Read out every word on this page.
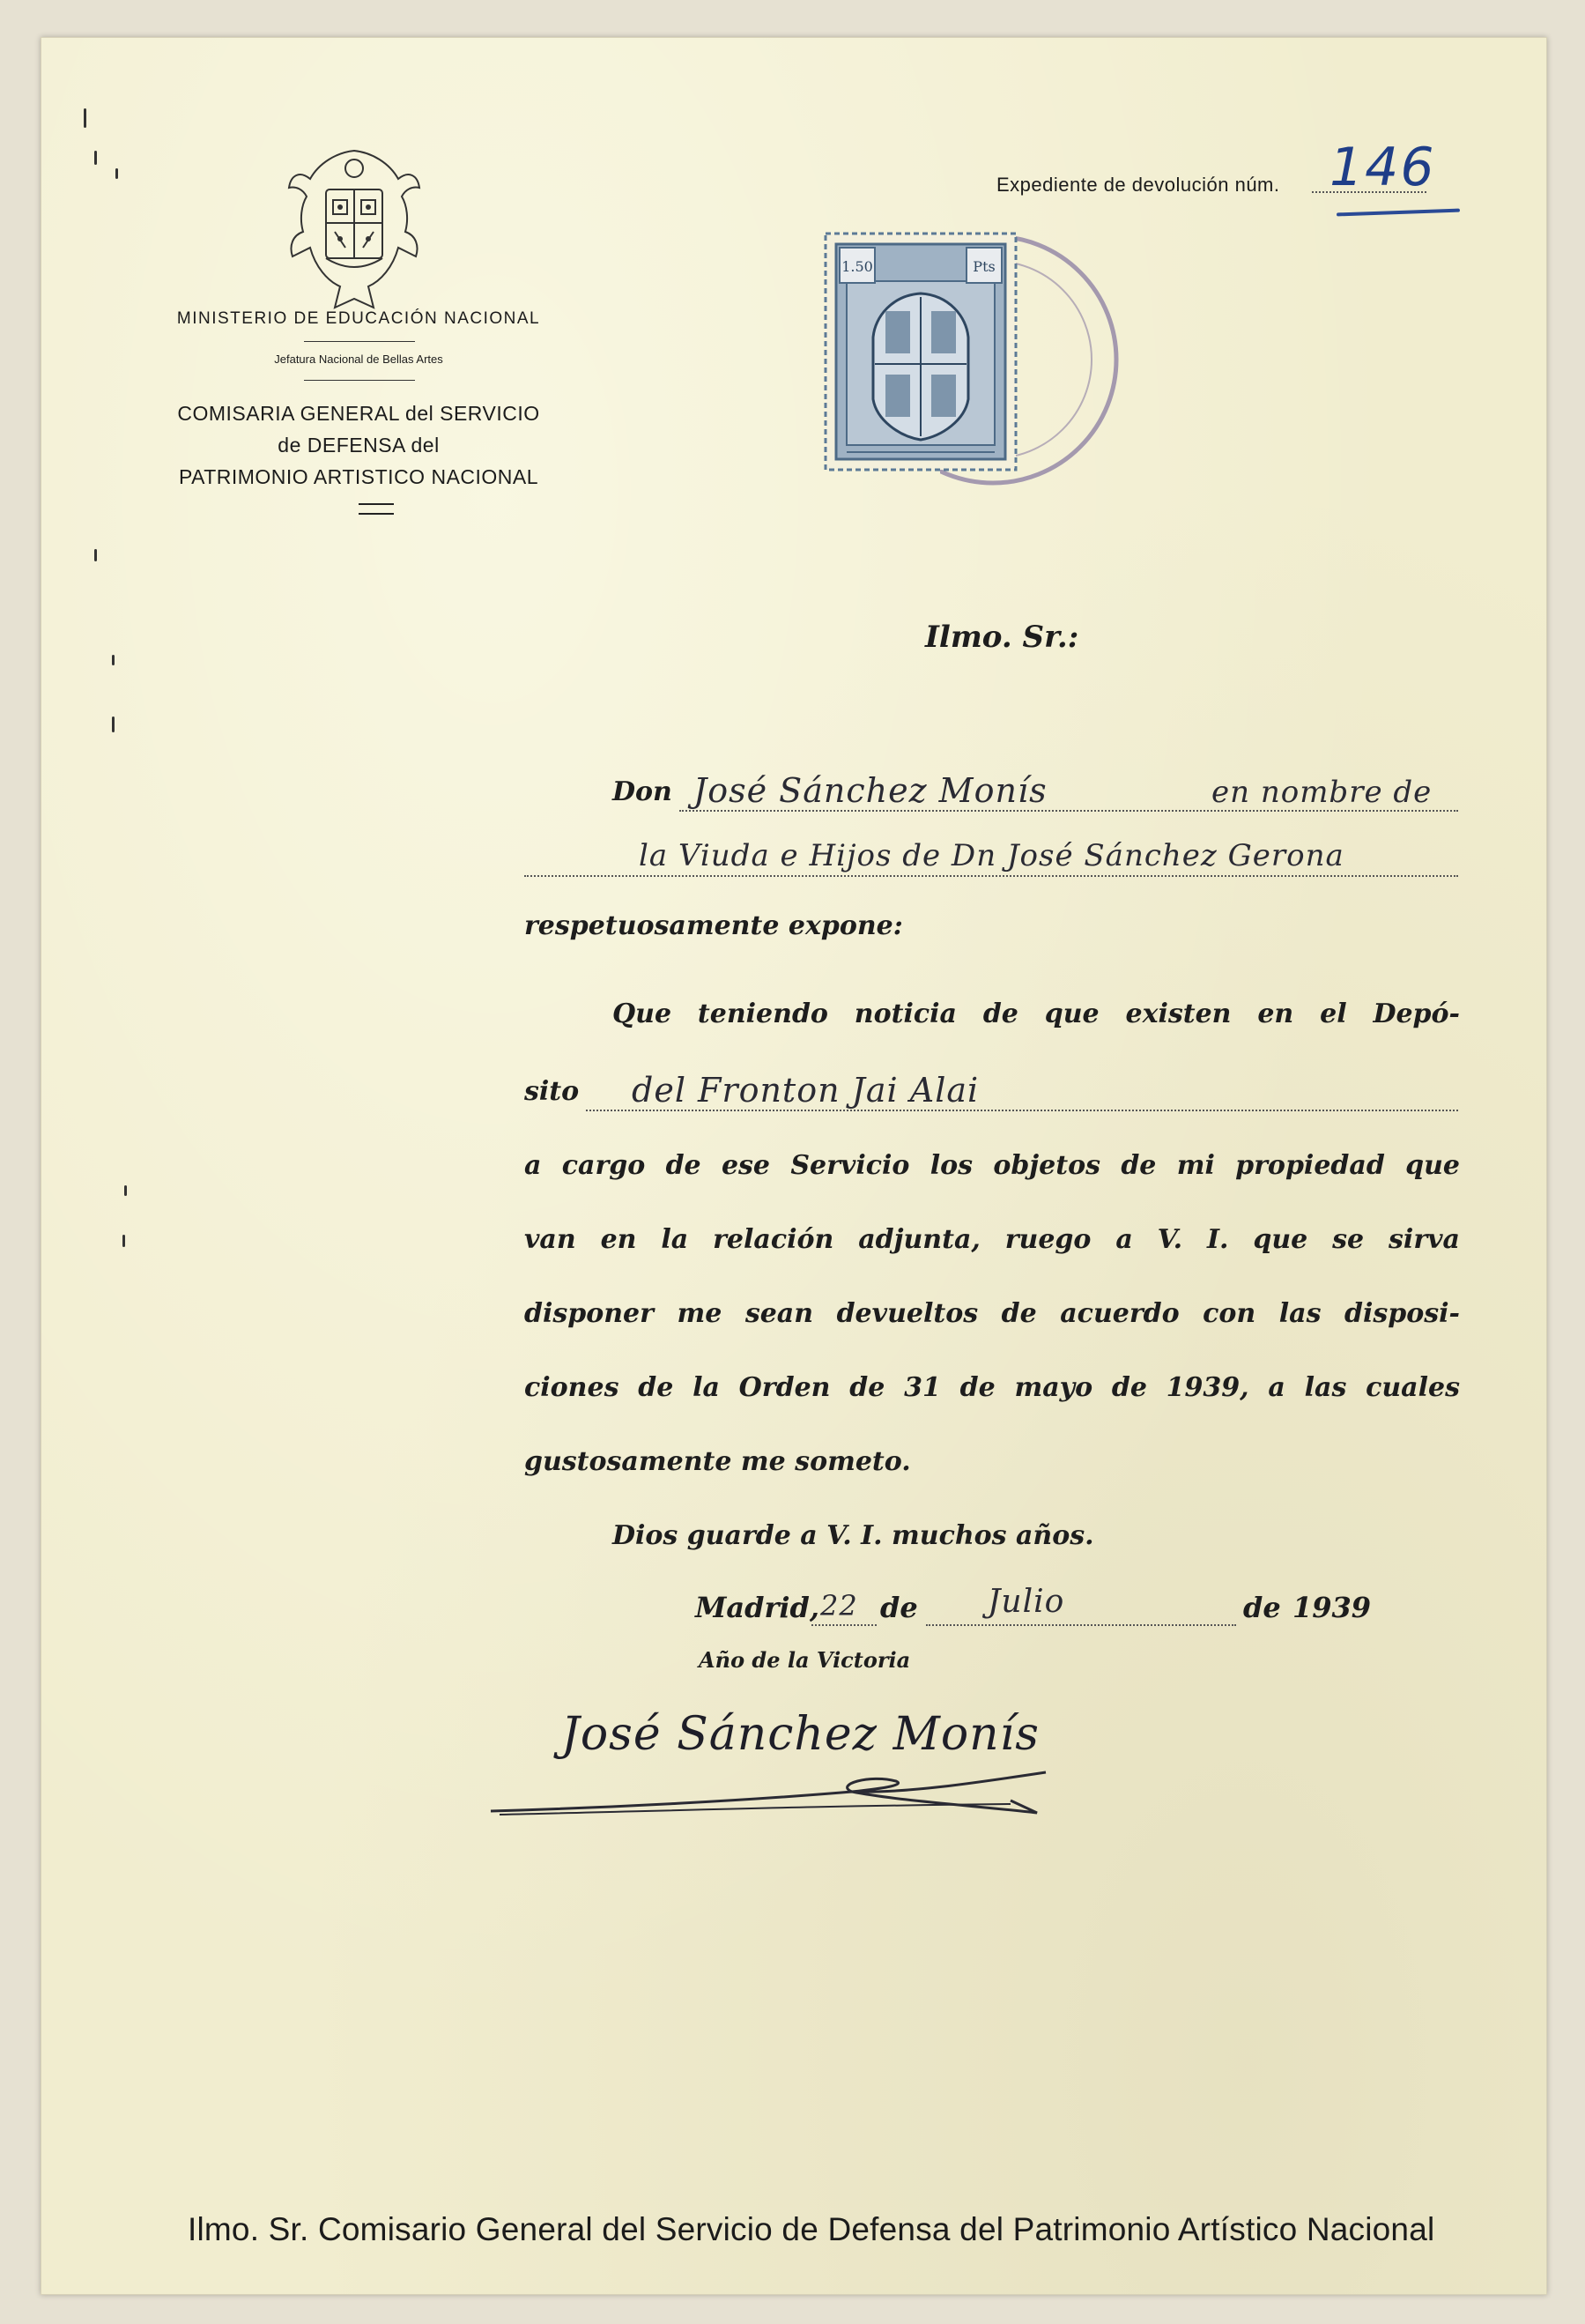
MINISTERIO DE EDUCACIÓN NACIONAL
Jefatura Nacional de Bellas Artes
COMISARIA GENERAL del SERVICIO
de DEFENSA del
PATRIMONIO ARTISTICO NACIONAL
Expediente de devolución núm. 146
1.50	Pts
Ilmo. Sr.:
Don José Sánchez Monís	en nombre de
la Viuda e Hijos de Dn José Sánchez Gerona
respetuosamente expone:
Que teniendo noticia de que existen en el Depó-
sito del Fronton Jai Alai
a cargo de ese Servicio los objetos de mi propiedad que
van en la relación adjunta, ruego a V. I. que se sirva
disponer me sean devueltos de acuerdo con las disposi-
ciones de la Orden de 31 de mayo de 1939, a las cuales
gustosamente me someto.
Dios guarde a V. I. muchos años.
Madrid, 22 de Julio	de 1939
Año de la Victoria
José Sánchez Monís
Ilmo. Sr. Comisario General del Servicio de Defensa del Patrimonio Artístico Nacional
